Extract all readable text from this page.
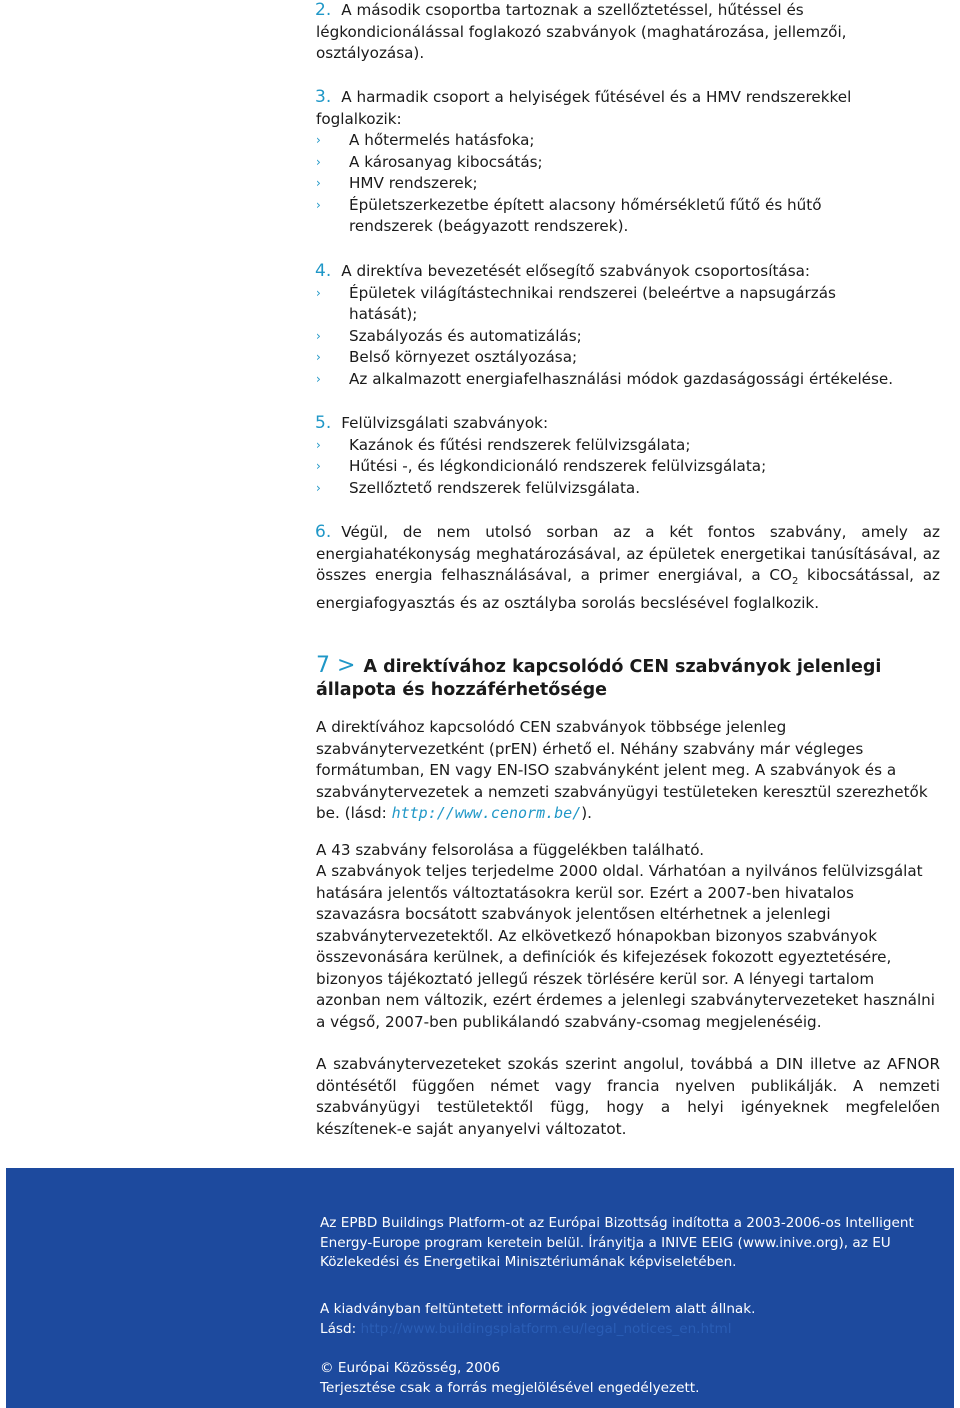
2. A második csoportba tartoznak a szellőztetéssel, hűtéssel és
légkondicionálással foglakozó szabványok (maghatározása, jellemzői,
osztályozása).

3. A harmadik csoport a helyiségek fűtésével és a HMV rendszerekkel
foglalkozik:

› A hőtermelés hatásfoka;
› A károsanyag kibocsátás;
› HMV rendszerek;
› Épületszerkezetbe épített alacsony hőmérsékletű fűtő és hűtő rendszerek (beágyazott rendszerek).

4. A direktíva bevezetését elősegítő szabványok csoportosítása:

› Épületek világítástechnikai rendszerei (beleértve a napsugárzás hatását);
› Szabályozás és automatizálás;
› Belső környezet osztályozása;
› Az alkalmazott energiafelhasználási módok gazdaságossági értékelése.

5. Felülvizsgálati szabványok:

› Kazánok és fűtési rendszerek felülvizsgálata;
› Hűtési -, és légkondicionáló rendszerek felülvizsgálata;
› Szellőztető rendszerek felülvizsgálata.

6. Végül, de nem utolsó sorban az a két fontos szabvány, amely az energiahatékonyság meghatározásával, az épületek energetikai tanúsításával, az összes energia felhasználásával, a primer energiával, a $CO_2$ kibocsátással, az energiafogyasztás és az osztályba sorolás becslésével foglalkozik.

7 > A direktívához kapcsolódó CEN szabványok jelenlegi állapota és hozzáférhetősége

A direktívához kapcsolódó CEN szabványok többsége jelenleg szabványtervezetként (prEN) érhető el. Néhány szabvány már végleges formátumban, EN vagy EN-ISO szabványként jelent meg. A szabványok és a szabványtervezetek a nemzeti szabványügyi testületeken keresztül szerezhetők be. (lásd: http://www.cenorm.be/).

A 43 szabvány felsorolása a függelékben található.
A szabványok teljes terjedelme 2000 oldal. Várhatóan a nyilvános felülvizsgálat hatására jelentős változtatásokra kerül sor. Ezért a 2007-ben hivatalos szavazásra bocsátott szabványok jelentősen eltérhetnek a jelenlegi szabványtervezetektől. Az elkövetkező hónapokban bizonyos szabványok összevonására kerülnek, a definíciók és kifejezések fokozott egyeztetésére, bizonyos tájékoztató jellegű részek törlésére kerül sor. A lényegi tartalom azonban nem változik, ezért érdemes a jelenlegi szabványtervezeteket használni a végső, 2007-ben publikálandó szabvány-csomag megjelenéséig.

A szabványtervezeteket szokás szerint angolul, továbbá a DIN illetve az AFNOR döntésétől függően német vagy francia nyelven publikálják. A nemzeti szabványügyi testületektől függ, hogy a helyi igényeknek megfelelően készítenek-e saját anyanyelvi változatot.

Az EPBD Buildings Platform-ot az Európai Bizottság indította a 2003-2006-os Intelligent Energy-Europe program keretein belül. Írányitja a INIVE EEIG (www.inive.org), az EU Közlekedési és Energetikai Minisztériumának képviseletében.

A kiadványban feltüntetett információk jogvédelem alatt állnak.
Lásd: http://www.buildingsplatform.eu/legal_notices_en.html

© Európai Közösség, 2006
Terjesztése csak a forrás megjelölésével engedélyezett.
